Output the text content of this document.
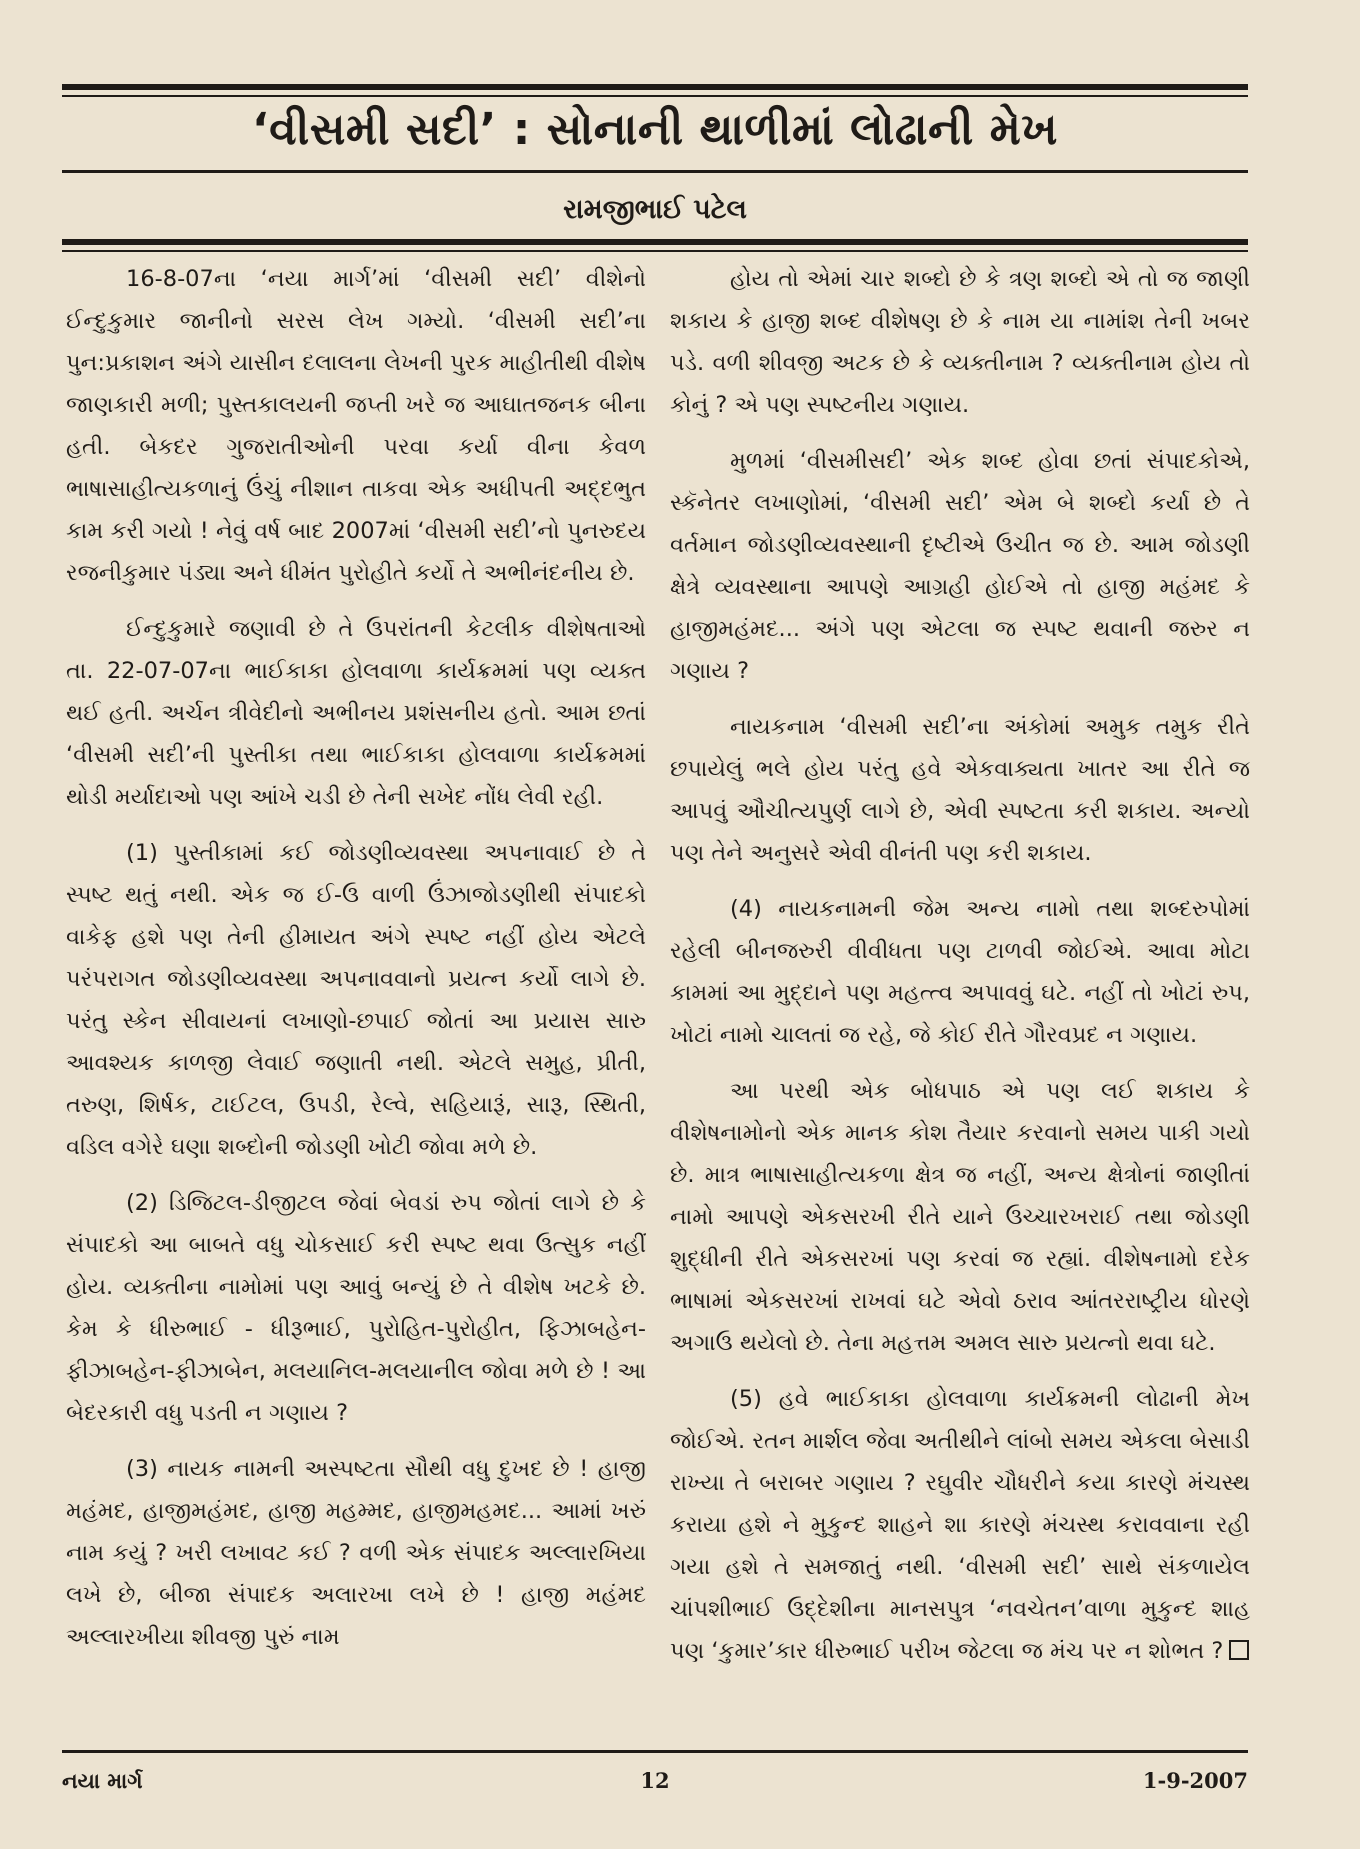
‘વીસમી સદી’ : સોનાની થાળીમાં લોઢાની મેખ
રામજીભાઈ પટેલ

16-8-07ના ‘નયા માર્ગ’માં ‘વીસમી સદી’ વીશેનો ઈન્દુકુમાર જાનીનો સરસ લેખ ગમ્યો. ‘વીસમી સદી’ના પુન:પ્રકાશન અંગે યાસીન દલાલના લેખની પુરક માહીતીથી વીશેષ જાણકારી મળી; પુસ્તકાલયની જપ્તી ખરે જ આઘાતજનક બીના હતી. બેકદર ગુજરાતીઓની પરવા કર્યા વીના કેવળ ભાષાસાહીત્યકળાનું ઉંચું નીશાન તાકવા એક અધીપતી અદ્દભુત કામ કરી ગયો ! નેવું વર્ષ બાદ 2007માં ‘વીસમી સદી’નો પુનરુદય રજનીકુમાર પંડ્યા અને ધીમંત પુરોહીતે કર્યો તે અભીનંદનીય છે.

ઈન્દુકુમારે જણાવી છે તે ઉપરાંતની કેટલીક વીશેષતાઓ તા. 22-07-07ના ભાઈકાકા હોલવાળા કાર્યક્રમમાં પણ વ્યક્ત થઈ હતી. અર્ચન ત્રીવેદીનો અભીનય પ્રશંસનીય હતો. આમ છતાં ‘વીસમી સદી’ની પુસ્તીકા તથા ભાઈકાકા હોલવાળા કાર્યક્રમમાં થોડી મર્યાદાઓ પણ આંખે ચડી છે તેની સખેદ નોંધ લેવી રહી.

(1) પુસ્તીકામાં કઈ જોડણીવ્યવસ્થા અપનાવાઈ છે તે સ્પષ્ટ થતું નથી. એક જ ઈ-ઉ વાળી ઉંઝાજોડણીથી સંપાદકો વાકેફ હશે પણ તેની હીમાયત અંગે સ્પષ્ટ નહીં હોય એટલે પરંપરાગત જોડણીવ્યવસ્થા અપનાવવાનો પ્રયત્ન કર્યો લાગે છે. પરંતુ સ્કેન સીવાયનાં લખાણો-છપાઈ જોતાં આ પ્રયાસ સારુ આવશ્યક કાળજી લેવાઈ જણાતી નથી. એટલે સમુહ, પ્રીતી, તરુણ, શિર્ષક, ટાઈટલ, ઉપડી, રેલ્વે, સહિયારૂં, સારૂ, સ્થિતી, વડિલ વગેરે ઘણા શબ્દોની જોડણી ખોટી જોવા મળે છે.

(2) ડિજિટલ-ડીજીટલ જેવાં બેવડાં રુપ જોતાં લાગે છે કે સંપાદકો આ બાબતે વધુ ચોકસાઈ કરી સ્પષ્ટ થવા ઉત્સુક નહીં હોય. વ્યક્તીના નામોમાં પણ આવું બન્યું છે તે વીશેષ ખટકે છે. કેમ કે ધીરુભાઈ - ધીરૂભાઈ, પુરોહિત-પુરોહીત, ફિઝાબહેન-ફીઝાબહેન-ફીઝાબેન, મલયાનિલ-મલયાનીલ જોવા મળે છે ! આ બેદરકારી વધુ પડતી ન ગણાય ?

(3) નાયક નામની અસ્પષ્ટતા સૌથી વધુ દુખદ છે ! હાજી મહંમદ, હાજીમહંમદ, હાજી મહમ્મદ, હાજીમહમદ... આમાં ખરું નામ કયું ? ખરી લખાવટ કઈ ? વળી એક સંપાદક અલ્લારખિયા લખે છે, બીજા સંપાદક અલારખા લખે છે ! હાજી મહંમદ અલ્લારખીયા શીવજી પુરું નામ

હોય તો એમાં ચાર શબ્દો છે કે ત્રણ શબ્દો એ તો જ જાણી શકાય કે હાજી શબ્દ વીશેષણ છે કે નામ યા નામાંશ તેની ખબર પડે. વળી શીવજી અટક છે કે વ્યક્તીનામ ? વ્યક્તીનામ હોય તો કોનું ? એ પણ સ્પષ્ટનીય ગણાય.

મુળમાં ‘વીસમીસદી’ એક શબ્દ હોવા છતાં સંપાદકોએ, સ્કૅનેતર લખાણોમાં, ‘વીસમી સદી’ એમ બે શબ્દો કર્યા છે તે વર્તમાન જોડણીવ્યવસ્થાની દૃષ્ટીએ ઉચીત જ છે. આમ જોડણી ક્ષેત્રે વ્યવસ્થાના આપણે આગ્રહી હોઈએ તો હાજી મહંમદ કે હાજીમહંમદ... અંગે પણ એટલા જ સ્પષ્ટ થવાની જરુર ન ગણાય ?

નાયકનામ ‘વીસમી સદી’ના અંકોમાં અમુક તમુક રીતે છપાયેલું ભલે હોય પરંતુ હવે એકવાક્યતા ખાતર આ રીતે જ આપવું ઔચીત્યપુર્ણ લાગે છે, એવી સ્પષ્ટતા કરી શકાય. અન્યો પણ તેને અનુસરે એવી વીનંતી પણ કરી શકાય.

(4) નાયકનામની જેમ અન્ય નામો તથા શબ્દરુપોમાં રહેલી બીનજરુરી વીવીધતા પણ ટાળવી જોઈએ. આવા મોટા કામમાં આ મુદ્દાને પણ મહત્ત્વ અપાવવું ઘટે. નહીં તો ખોટાં રુપ, ખોટાં નામો ચાલતાં જ રહે, જે કોઈ રીતે ગૌરવપ્રદ ન ગણાય.

આ પરથી એક બોધપાઠ એ પણ લઈ શકાય કે વીશેષનામોનો એક માનક કોશ તૈયાર કરવાનો સમય પાકી ગયો છે. માત્ર ભાષાસાહીત્યકળા ક્ષેત્ર જ નહીં, અન્ય ક્ષેત્રોનાં જાણીતાં નામો આપણે એકસરખી રીતે યાને ઉચ્ચારખરાઈ તથા જોડણી શુદ્ધીની રીતે એકસરખાં પણ કરવાં જ રહ્યાં. વીશેષનામો દરેક ભાષામાં એકસરખાં રાખવાં ઘટે એવો ઠરાવ આંતરરાષ્ટ્રીય ધોરણે અગાઉ થયેલો છે. તેના મહત્તમ અમલ સારુ પ્રયત્નો થવા ઘટે.

(5) હવે ભાઈકાકા હોલવાળા કાર્યક્રમની લોઢાની મેખ જોઈએ. રતન માર્શલ જેવા અતીથીને લાંબો સમય એકલા બેસાડી રાખ્યા તે બરાબર ગણાય ? રઘુવીર ચૌધરીને કયા કારણે મંચસ્થ કરાયા હશે ને મુકુન્દ શાહને શા કારણે મંચસ્થ કરાવવાના રહી ગયા હશે તે સમજાતું નથી. ‘વીસમી સદી’ સાથે સંકળાયેલ ચાંપશીભાઈ ઉદ્દેશીના માનસપુત્ર ‘નવચેતન’વાળા મુકુન્દ શાહ પણ ‘કુમાર’કાર ધીરુભાઈ પરીખ જેટલા જ મંચ પર ન શોભત ?

નયા માર્ગ	12	1-9-2007
